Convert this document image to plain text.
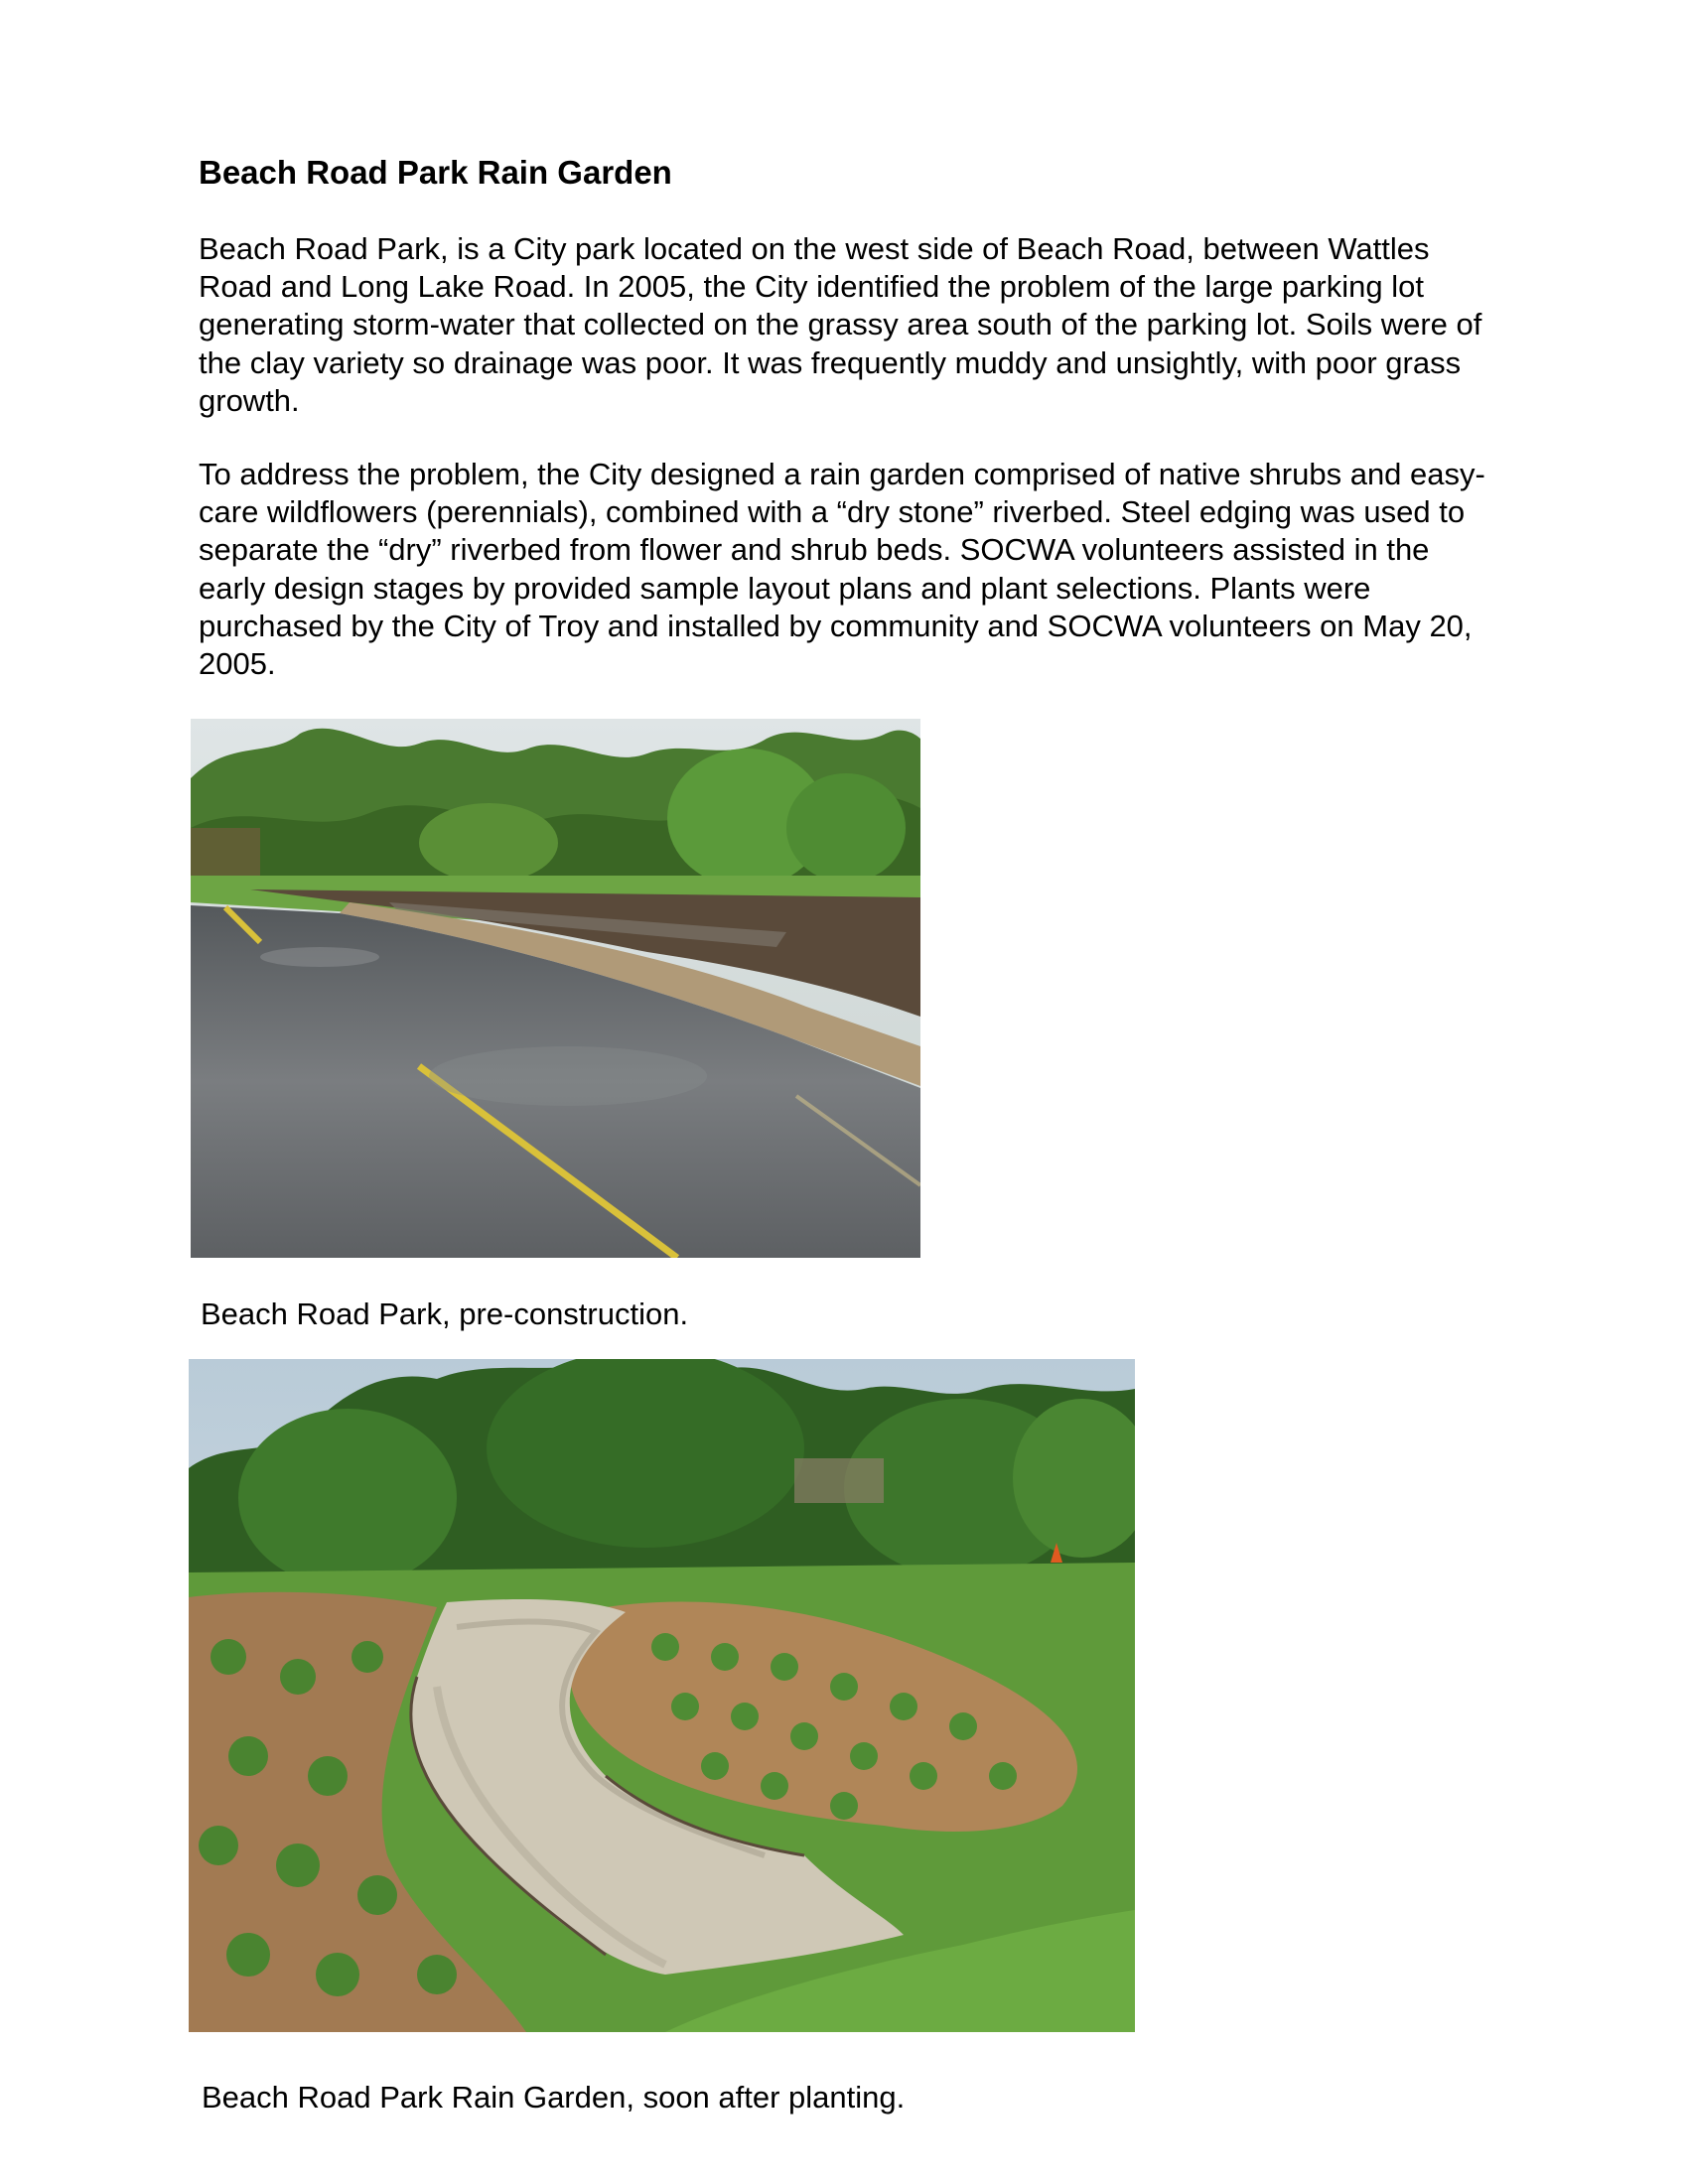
Beach Road Park Rain Garden

Beach Road Park, is a City park located on the west side of Beach Road, between Wattles Road and Long Lake Road. In 2005, the City identified the problem of the large parking lot generating storm-water that collected on the grassy area south of the parking lot. Soils were of the clay variety so drainage was poor. It was frequently muddy and unsightly, with poor grass growth.

To address the problem, the City designed a rain garden comprised of native shrubs and easy-care wildflowers (perennials), combined with a “dry stone” riverbed. Steel edging was used to separate the “dry” riverbed from flower and shrub beds. SOCWA volunteers assisted in the early design stages by provided sample layout plans and plant selections. Plants were purchased by the City of Troy and installed by community and SOCWA volunteers on May 20, 2005.

Beach Road Park, pre-construction.

Beach Road Park Rain Garden, soon after planting.
